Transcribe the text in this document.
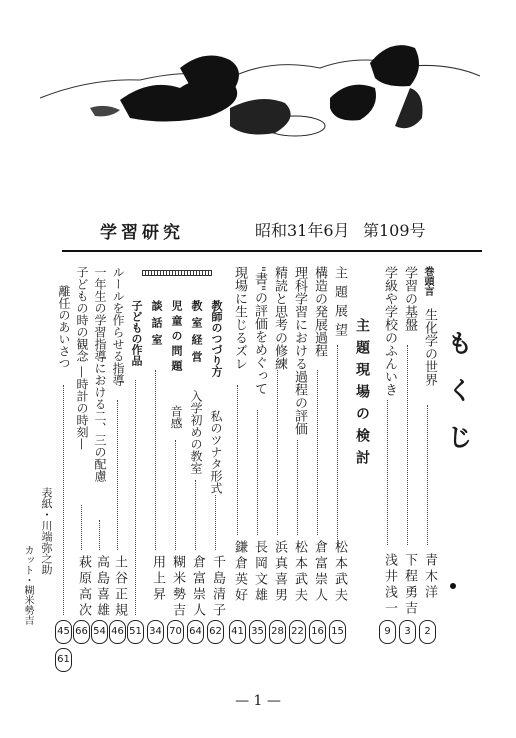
学習研究	昭和31年6月 第109号
もくじ
主題現場の検討
巻頭言
生化学の世界
青木洋
2
学習の基盤
下程勇吉
3
学級や学校のふんいき
浅井浅一
9
主題展望
松本武夫
15
構造の発展過程
倉富崇人
16
理科学習における過程の評価
松本武夫
22
精読と思考の修練
浜真喜男
28
"書"の評価をめぐって
長岡文雄
35
現場に生じるズレ
鎌倉英好
41
教師のつづり方
私のツナタ形式
千島清子
62
教室経営
入学初めの教室
倉富崇人
64
児童の問題
音感
糊米勢吉
70
談話室
用上昇
34
子どもの作品
51
ルールを作らせる指導
土谷正規
46
一年生の学習指導における二、三の配慮
高島喜雄
54
子どもの時の観念 —時計の時刻—
萩原高次
66
離任のあいさつ
45
61
表紙・川端弥之助
カット・糊米勢吉
— 1 —
